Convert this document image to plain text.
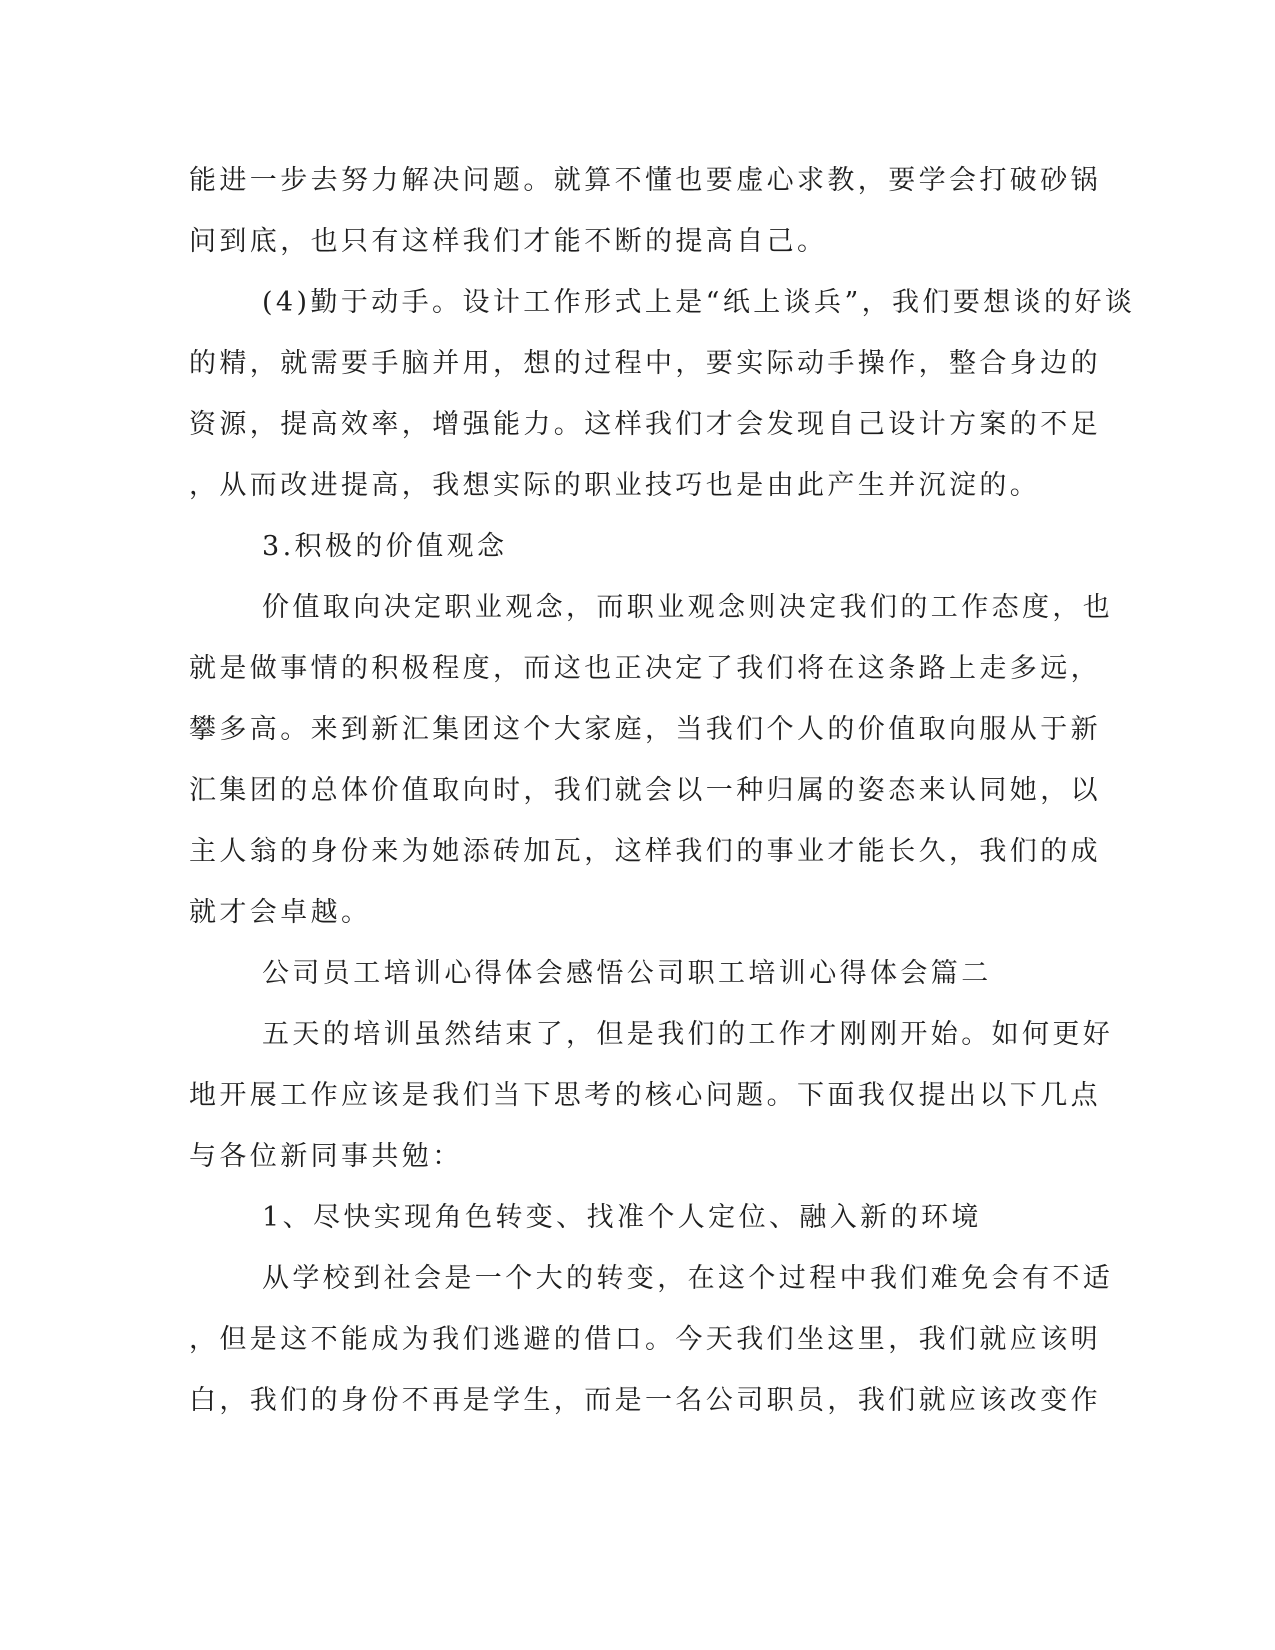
能进一步去努力解决问题。就算不懂也要虚心求教，要学会打破砂锅
问到底，也只有这样我们才能不断的提高自己。
(4)勤于动手。设计工作形式上是“纸上谈兵”，我们要想谈的好谈
的精，就需要手脑并用，想的过程中，要实际动手操作，整合身边的
资源，提高效率，增强能力。这样我们才会发现自己设计方案的不足
，从而改进提高，我想实际的职业技巧也是由此产生并沉淀的。
3.积极的价值观念
价值取向决定职业观念，而职业观念则决定我们的工作态度，也
就是做事情的积极程度，而这也正决定了我们将在这条路上走多远，
攀多高。来到新汇集团这个大家庭，当我们个人的价值取向服从于新
汇集团的总体价值取向时，我们就会以一种归属的姿态来认同她，以
主人翁的身份来为她添砖加瓦，这样我们的事业才能长久，我们的成
就才会卓越。
公司员工培训心得体会感悟公司职工培训心得体会篇二
五天的培训虽然结束了，但是我们的工作才刚刚开始。如何更好
地开展工作应该是我们当下思考的核心问题。下面我仅提出以下几点
与各位新同事共勉：
1、尽快实现角色转变、找准个人定位、融入新的环境
从学校到社会是一个大的转变，在这个过程中我们难免会有不适
，但是这不能成为我们逃避的借口。今天我们坐这里，我们就应该明
白，我们的身份不再是学生，而是一名公司职员，我们就应该改变作
